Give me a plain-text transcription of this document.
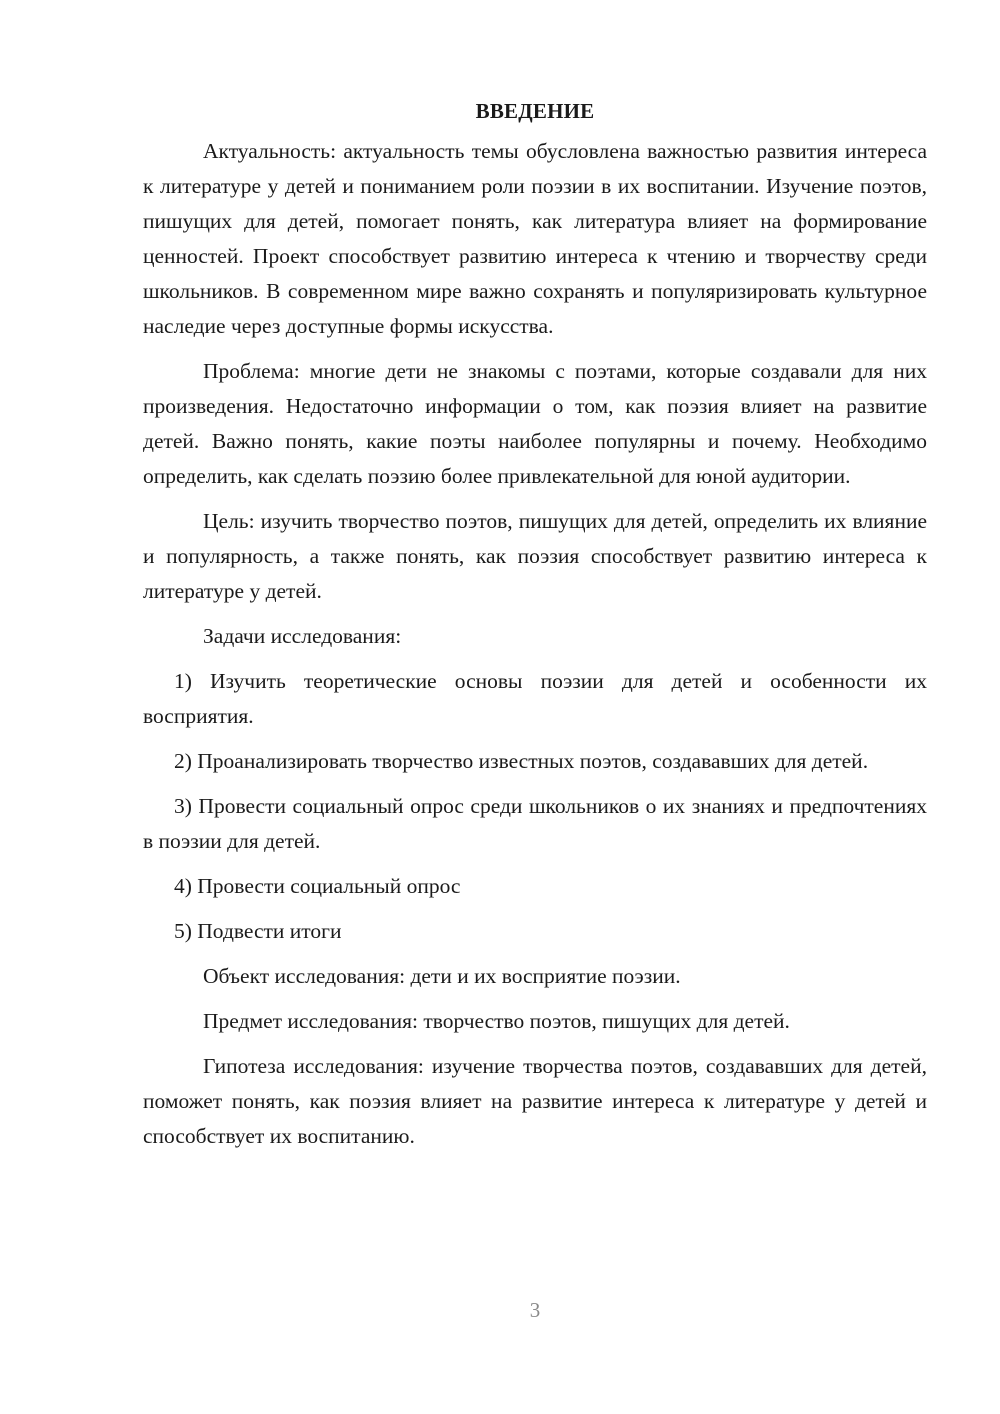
ВВЕДЕНИЕ

Актуальность: актуальность темы обусловлена важностью развития интереса к литературе у детей и пониманием роли поэзии в их воспитании. Изучение поэтов, пишущих для детей, помогает понять, как литература влияет на формирование ценностей. Проект способствует развитию интереса к чтению и творчеству среди школьников. В современном мире важно сохранять и популяризировать культурное наследие через доступные формы искусства.

Проблема: многие дети не знакомы с поэтами, которые создавали для них произведения. Недостаточно информации о том, как поэзия влияет на развитие детей. Важно понять, какие поэты наиболее популярны и почему. Необходимо определить, как сделать поэзию более привлекательной для юной аудитории.

Цель: изучить творчество поэтов, пишущих для детей, определить их влияние и популярность, а также понять, как поэзия способствует развитию интереса к литературе у детей.

Задачи исследования:

1) Изучить теоретические основы поэзии для детей и особенности их восприятия.

2) Проанализировать творчество известных поэтов, создававших для детей.

3) Провести социальный опрос среди школьников о их знаниях и предпочтениях в поэзии для детей.

4) Провести социальный опрос

5) Подвести итоги

Объект исследования: дети и их восприятие поэзии.

Предмет исследования: творчество поэтов, пишущих для детей.

Гипотеза исследования: изучение творчества поэтов, создававших для детей, поможет понять, как поэзия влияет на развитие интереса к литературе у детей и способствует их воспитанию.

3
